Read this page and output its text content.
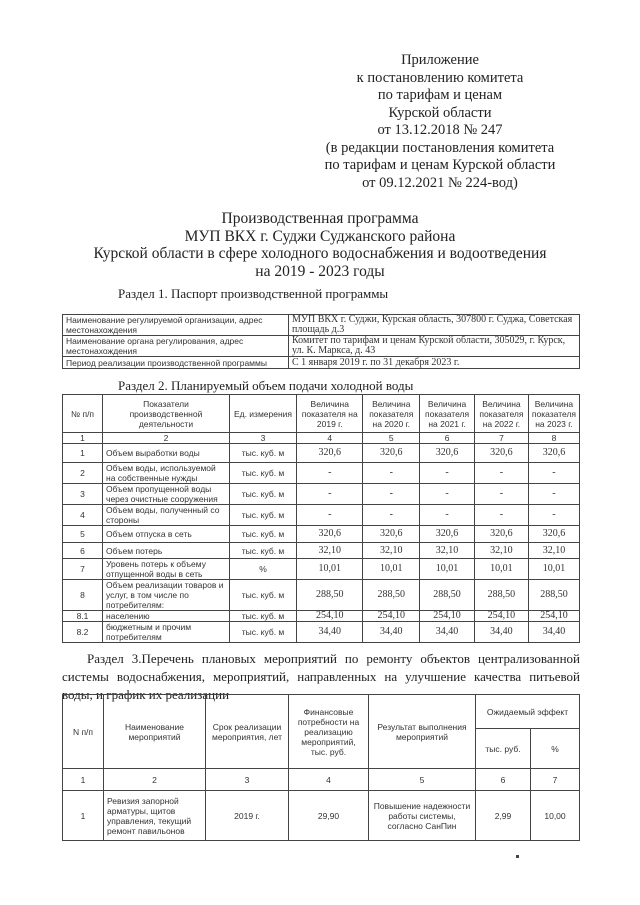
Приложение
к постановлению комитета
по тарифам и ценам
Курской области
от 13.12.2018 № 247
(в редакции постановления комитета
по тарифам и ценам Курской области
от 09.12.2021 № 224-вод)
Производственная программа
МУП ВКХ г. Суджи Суджанского района
Курской области в сфере холодного водоснабжения и водоотведения
на 2019 - 2023 годы
Раздел 1. Паспорт производственной программы
Наименование регулируемой организации, адрес местонахождения	МУП ВКХ г. Суджи, Курская область, 307800 г. Суджа, Советская площадь д.3
Наименование органа регулирования, адрес местонахождения	Комитет по тарифам и ценам Курской области, 305029, г. Курск, ул. К. Маркса, д. 43
Период реализации производственной программы	С 1 января 2019 г. по 31 декабря 2023 г.
Раздел 2. Планируемый объем подачи холодной воды
№ п/п	Показатели производственной деятельности	Ед. измерения	Величина показателя на 2019 г.	Величина показателя на 2020 г.	Величина показателя на 2021 г.	Величина показателя на 2022 г.	Величина показателя на 2023 г.
1	2	3	4	5	6	7	8
1	Объем выработки воды	тыс. куб. м	320,6	320,6	320,6	320,6	320,6
2	Объем воды, используемой на собственные нужды	тыс. куб. м	-	-	-	-	-
3	Объем пропущенной воды через очистные сооружения	тыс. куб. м	-	-	-	-	-
4	Объем воды, полученный со стороны	тыс. куб. м	-	-	-	-	-
5	Объем отпуска в сеть	тыс. куб. м	320,6	320,6	320,6	320,6	320,6
6	Объем потерь	тыс. куб. м	32,10	32,10	32,10	32,10	32,10
7	Уровень потерь к объему отпущенной воды в сеть	%	10,01	10,01	10,01	10,01	10,01
8	Объем реализации товаров и услуг, в том числе по потребителям:	тыс. куб. м	288,50	288,50	288,50	288,50	288,50
8.1	населению	тыс. куб. м	254,10	254,10	254,10	254,10	254,10
8.2	бюджетным и прочим потребителям	тыс. куб. м	34,40	34,40	34,40	34,40	34,40
Раздел 3.Перечень плановых мероприятий по ремонту объектов централизованной системы водоснабжения, мероприятий, направленных на улучшение качества питьевой воды, и график их реализации
N п/п	Наименование мероприятий	Срок реализации мероприятия, лет	Финансовые потребности на реализацию мероприятий, тыс. руб.	Результат выполнения мероприятий	Ожидаемый эффект	
					тыс. руб.	%
1	2	3	4	5	6	7
1	Ревизия запорной арматуры, щитов управления, текущий ремонт павильонов	2019 г.	29,90	Повышение надежности работы системы, согласно СанПин	2,99	10,00
